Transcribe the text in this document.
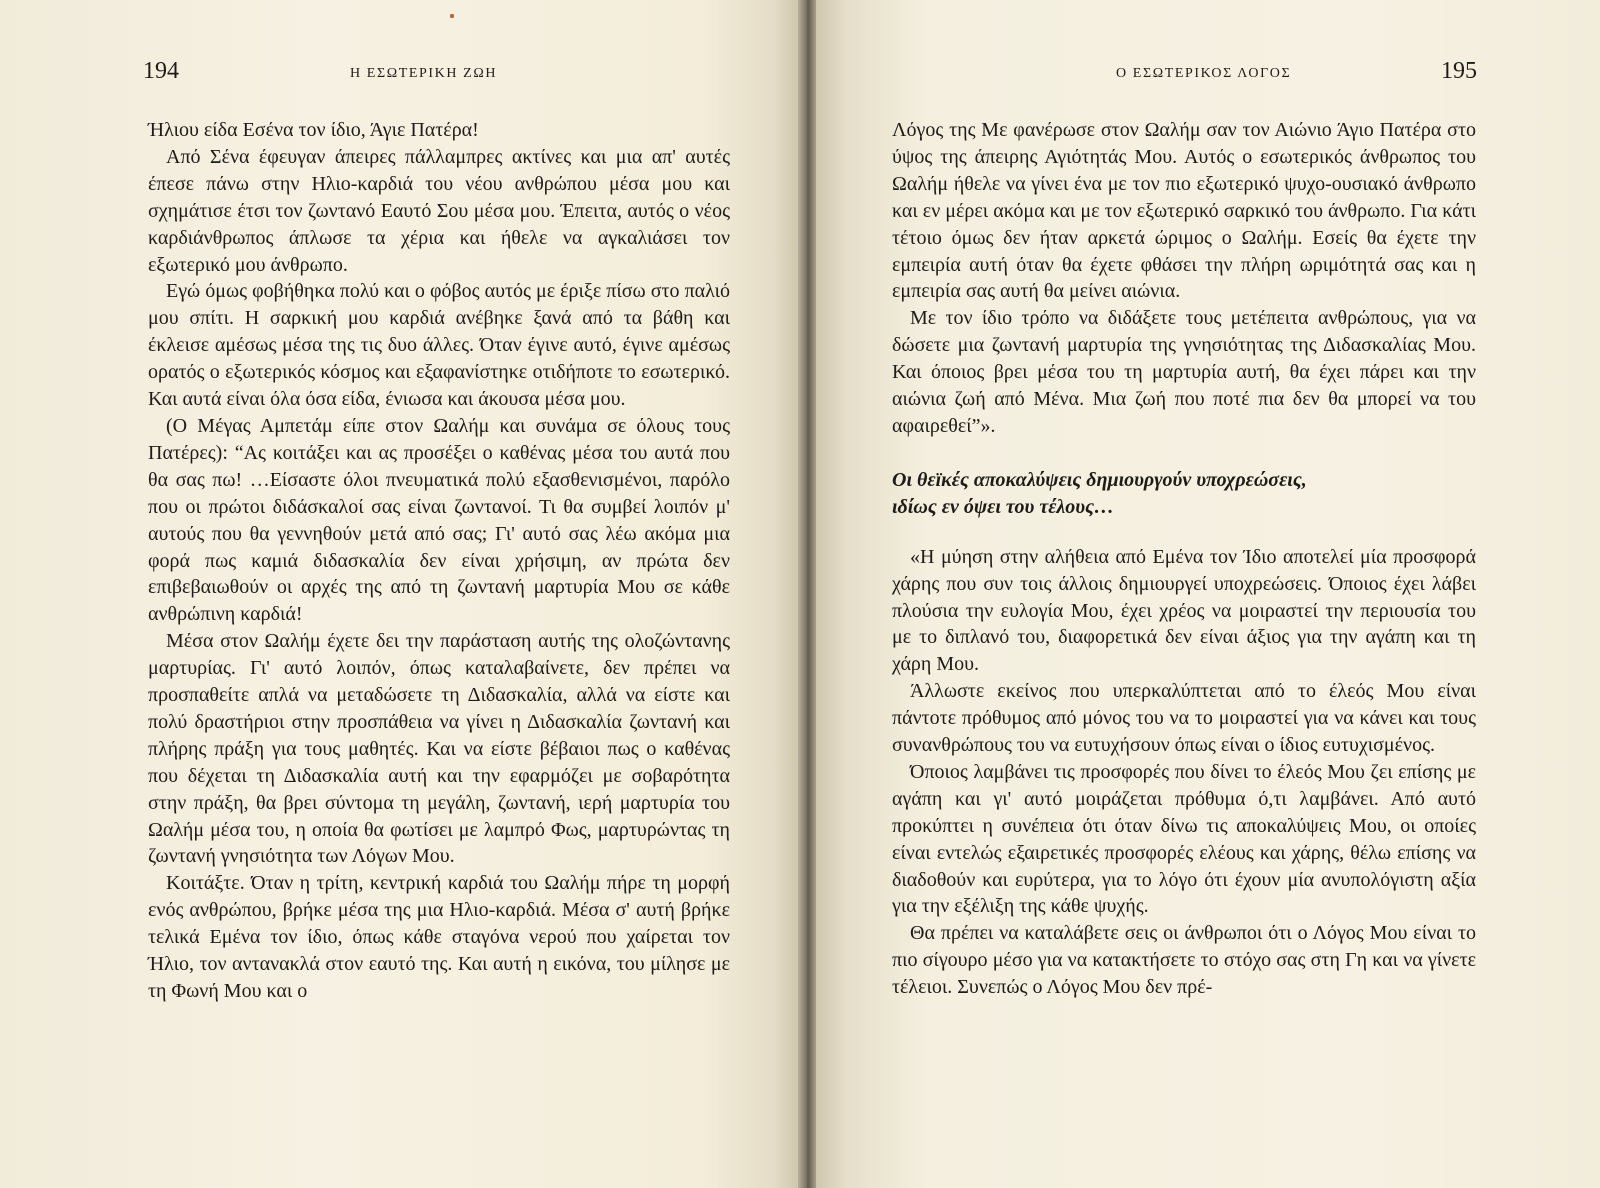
194	Η ΕΣΩΤΕΡΙΚΗ ΖΩΗ

Ήλιου είδα Εσένα τον ίδιο, Άγιε Πατέρα!

Από Σένα έφευγαν άπειρες πάλλαμπρες ακτίνες και μια απ' αυτές έπεσε πάνω στην Ηλιο-καρδιά του νέου ανθρώπου μέσα μου και σχημάτισε έτσι τον ζωντανό Εαυτό Σου μέσα μου. Έπειτα, αυτός ο νέος καρδιάνθρωπος άπλωσε τα χέρια και ήθελε να αγκαλιάσει τον εξωτερικό μου άνθρωπο.

Εγώ όμως φοβήθηκα πολύ και ο φόβος αυτός με έριξε πίσω στο παλιό μου σπίτι. Η σαρκική μου καρδιά ανέβηκε ξανά από τα βάθη και έκλεισε αμέσως μέσα της τις δυο άλλες. Όταν έγινε αυτό, έγινε αμέσως ορατός ο εξωτερικός κόσμος και εξαφανίστηκε οτιδήποτε το εσωτερικό. Και αυτά είναι όλα όσα είδα, ένιωσα και άκουσα μέσα μου.

(Ο Μέγας Αμπετάμ είπε στον Ωαλήμ και συνάμα σε όλους τους Πατέρες): “Ας κοιτάξει και ας προσέξει ο καθένας μέσα του αυτά που θα σας πω! …Είσαστε όλοι πνευματικά πολύ εξασθενισμένοι, παρόλο που οι πρώτοι διδάσκαλοί σας είναι ζωντανοί. Τι θα συμβεί λοιπόν μ' αυτούς που θα γεννηθούν μετά από σας; Γι' αυτό σας λέω ακόμα μια φορά πως καμιά διδασκαλία δεν είναι χρήσιμη, αν πρώτα δεν επιβεβαιωθούν οι αρχές της από τη ζωντανή μαρτυρία Μου σε κάθε ανθρώπινη καρδιά!

Μέσα στον Ωαλήμ έχετε δει την παράσταση αυτής της ολοζώντανης μαρτυρίας. Γι' αυτό λοιπόν, όπως καταλαβαίνετε, δεν πρέπει να προσπαθείτε απλά να μεταδώσετε τη Διδασκαλία, αλλά να είστε και πολύ δραστήριοι στην προσπάθεια να γίνει η Διδασκαλία ζωντανή και πλήρης πράξη για τους μαθητές. Και να είστε βέβαιοι πως ο καθένας που δέχεται τη Διδασκαλία αυτή και την εφαρμόζει με σοβαρότητα στην πράξη, θα βρει σύντομα τη μεγάλη, ζωντανή, ιερή μαρτυρία του Ωαλήμ μέσα του, η οποία θα φωτίσει με λαμπρό Φως, μαρτυρώντας τη ζωντανή γνησιότητα των Λόγων Μου.

Κοιτάξτε. Όταν η τρίτη, κεντρική καρδιά του Ωαλήμ πήρε τη μορφή ενός ανθρώπου, βρήκε μέσα της μια Ηλιο-καρδιά. Μέσα σ' αυτή βρήκε τελικά Εμένα τον ίδιο, όπως κάθε σταγόνα νερού που χαίρεται τον Ήλιο, τον αντανακλά στον εαυτό της. Και αυτή η εικόνα, του μίλησε με τη Φωνή Μου και ο

Ο ΕΣΩΤΕΡΙΚΟΣ ΛΟΓΟΣ	195

Λόγος της Με φανέρωσε στον Ωαλήμ σαν τον Αιώνιο Άγιο Πατέρα στο ύψος της άπειρης Αγιότητάς Μου. Αυτός ο εσωτερικός άνθρωπος του Ωαλήμ ήθελε να γίνει ένα με τον πιο εξωτερικό ψυχο-ουσιακό άνθρωπο και εν μέρει ακόμα και με τον εξωτερικό σαρκικό του άνθρωπο. Για κάτι τέτοιο όμως δεν ήταν αρκετά ώριμος ο Ωαλήμ. Εσείς θα έχετε την εμπειρία αυτή όταν θα έχετε φθάσει την πλήρη ωριμότητά σας και η εμπειρία σας αυτή θα μείνει αιώνια.

Με τον ίδιο τρόπο να διδάξετε τους μετέπειτα ανθρώπους, για να δώσετε μια ζωντανή μαρτυρία της γνησιότητας της Διδασκαλίας Μου. Και όποιος βρει μέσα του τη μαρτυρία αυτή, θα έχει πάρει και την αιώνια ζωή από Μένα. Μια ζωή που ποτέ πια δεν θα μπορεί να του αφαιρεθεί”».

Οι θεϊκές αποκαλύψεις δημιουργούν υποχρεώσεις,
ιδίως εν όψει του τέλους…

«Η μύηση στην αλήθεια από Εμένα τον Ίδιο αποτελεί μία προσφορά χάρης που συν τοις άλλοις δημιουργεί υποχρεώσεις. Όποιος έχει λάβει πλούσια την ευλογία Μου, έχει χρέος να μοιραστεί την περιουσία του με το διπλανό του, διαφορετικά δεν είναι άξιος για την αγάπη και τη χάρη Μου.

Άλλωστε εκείνος που υπερκαλύπτεται από το έλεός Μου είναι πάντοτε πρόθυμος από μόνος του να το μοιραστεί για να κάνει και τους συνανθρώπους του να ευτυχήσουν όπως είναι ο ίδιος ευτυχισμένος.

Όποιος λαμβάνει τις προσφορές που δίνει το έλεός Μου ζει επίσης με αγάπη και γι' αυτό μοιράζεται πρόθυμα ό,τι λαμβάνει. Από αυτό προκύπτει η συνέπεια ότι όταν δίνω τις αποκαλύψεις Μου, οι οποίες είναι εντελώς εξαιρετικές προσφορές ελέους και χάρης, θέλω επίσης να διαδοθούν και ευρύτερα, για το λόγο ότι έχουν μία ανυπολόγιστη αξία για την εξέλιξη της κάθε ψυχής.

Θα πρέπει να καταλάβετε σεις οι άνθρωποι ότι ο Λόγος Μου είναι το πιο σίγουρο μέσο για να κατακτήσετε το στόχο σας στη Γη και να γίνετε τέλειοι. Συνεπώς ο Λόγος Μου δεν πρέ-
